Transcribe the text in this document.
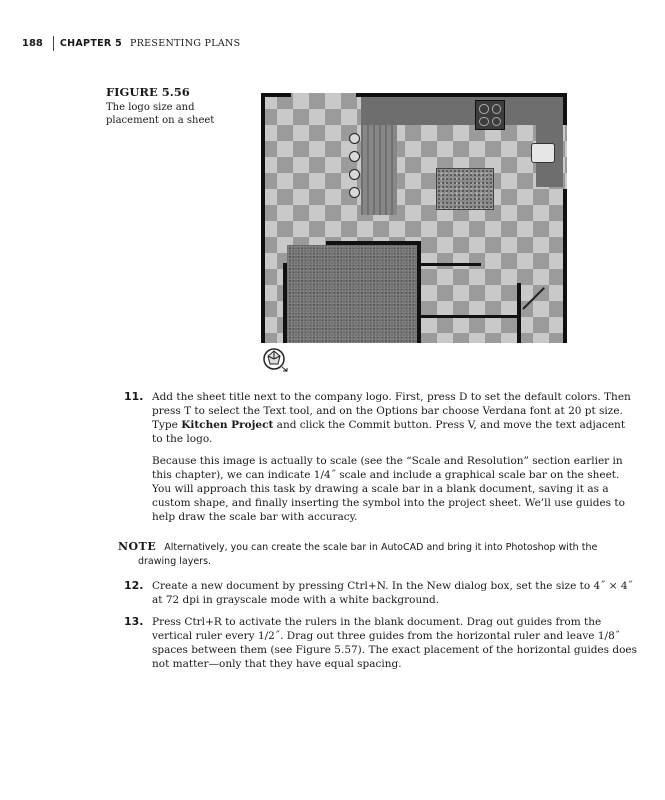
188 CHAPTER 5 PRESENTING PLANS
FIGURE 5.56
The logo size and placement on a sheet
11. Add the sheet title next to the company logo. First, press D to set the default colors. Then press T to select the Text tool, and on the Options bar choose Verdana font at 20 pt size. Type Kitchen Project and click the Commit button. Press V, and move the text adjacent to the logo.

Because this image is actually to scale (see the “Scale and Resolution” section earlier in this chapter), we can indicate 1/4˝ scale and include a graphical scale bar on the sheet. You will approach this task by drawing a scale bar in a blank document, saving it as a custom shape, and finally inserting the symbol into the project sheet. We’ll use guides to help draw the scale bar with accuracy.

NOTE Alternatively, you can create the scale bar in AutoCAD and bring it into Photoshop with the
drawing layers.
12. Create a new document by pressing Ctrl+N. In the New dialog box, set the size to 4˝ × 4˝ at 72 dpi in grayscale mode with a white background.
13. Press Ctrl+R to activate the rulers in the blank document. Drag out guides from the vertical ruler every 1/2˝. Drag out three guides from the horizontal ruler and leave 1/8˝ spaces between them (see Figure 5.57). The exact placement of the horizontal guides does not matter—only that they have equal spacing.
